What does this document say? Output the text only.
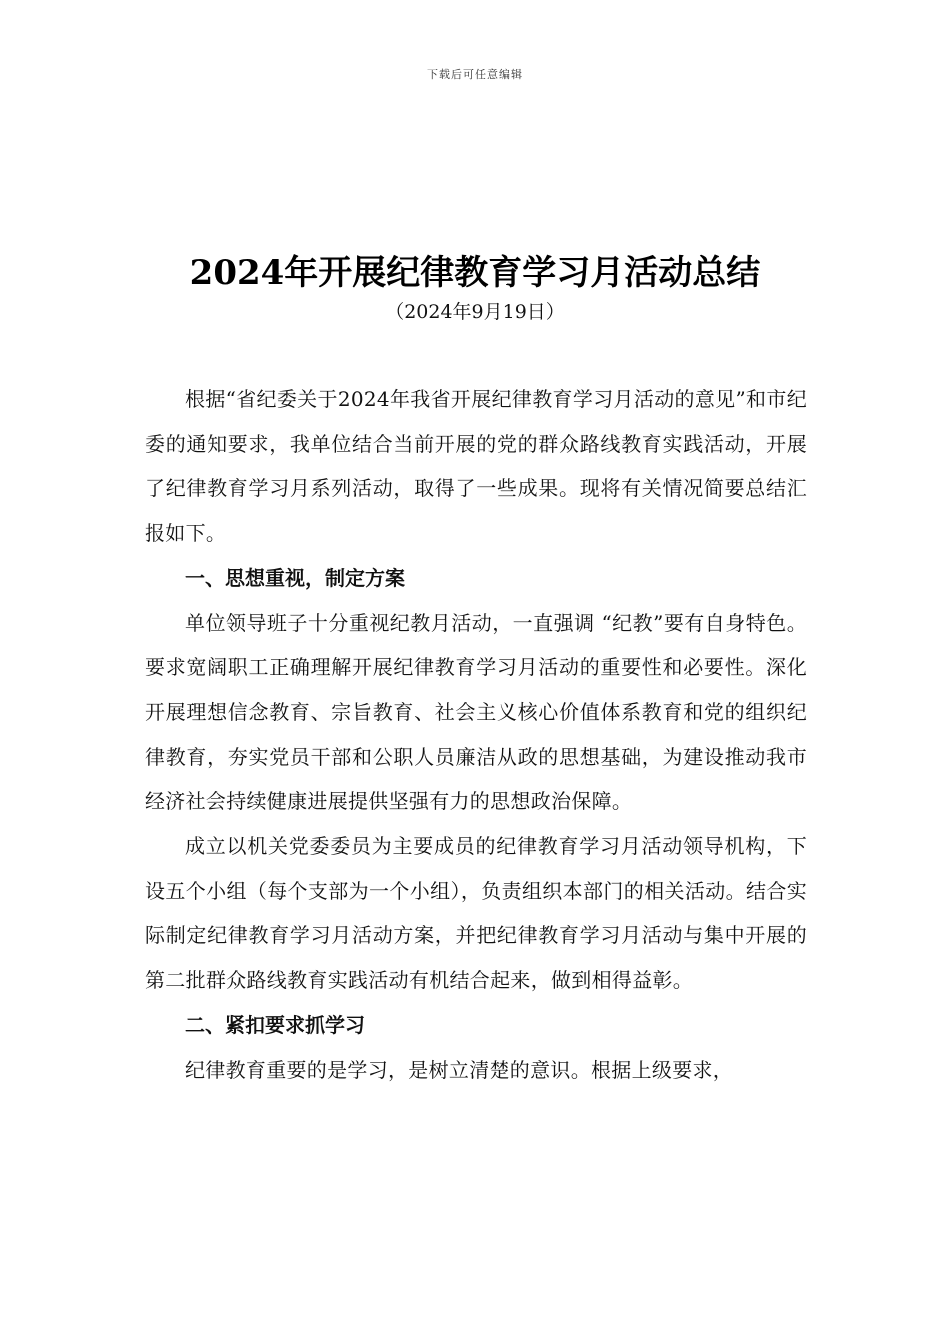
下载后可任意编辑
2024年开展纪律教育学习月活动总结
（2024年9月19日）

根据“省纪委关于2024年我省开展纪律教育学习月活动的意见”和市纪委的通知要求，我单位结合当前开展的党的群众路线教育实践活动，开展了纪律教育学习月系列活动，取得了一些成果。现将有关情况简要总结汇报如下。

一、思想重视，制定方案

单位领导班子十分重视纪教月活动，一直强调 “纪教”要有自身特色。要求宽阔职工正确理解开展纪律教育学习月活动的重要性和必要性。深化开展理想信念教育、宗旨教育、社会主义核心价值体系教育和党的组织纪律教育，夯实党员干部和公职人员廉洁从政的思想基础，为建设推动我市经济社会持续健康进展提供坚强有力的思想政治保障。

成立以机关党委委员为主要成员的纪律教育学习月活动领导机构，下设五个小组（每个支部为一个小组），负责组织本部门的相关活动。结合实际制定纪律教育学习月活动方案，并把纪律教育学习月活动与集中开展的第二批群众路线教育实践活动有机结合起来，做到相得益彰。

二、紧扣要求抓学习

纪律教育重要的是学习，是树立清楚的意识。根据上级要求，
